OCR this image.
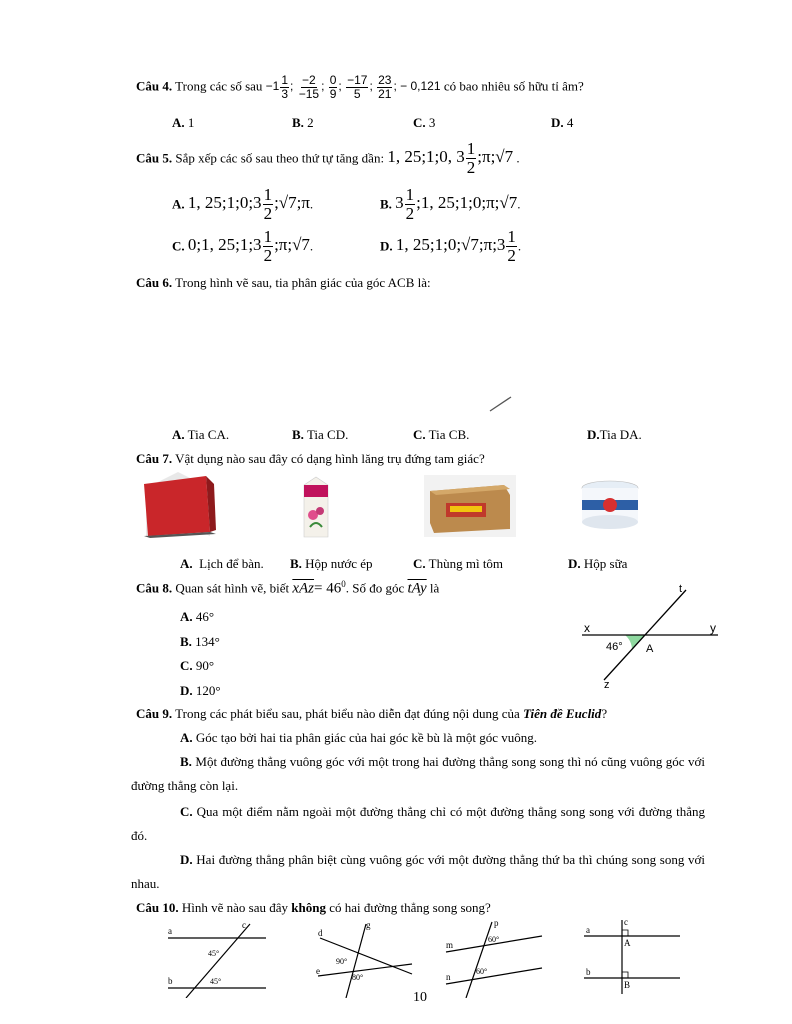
Câu 4. Trong các số sau $-1 \frac{1}{3}$ ; $\frac{-2}{-15}$ ; $\frac{0}{9}$ ; $\frac{-17}{5}$ ; $\frac{23}{21}$ ; − 0,121 có bao nhiêu số hữu tỉ âm?
A. 1	B. 2	C. 3	D. 4
Câu 5. Sắp xếp các số sau theo thứ tự tăng dần: 1, 25;1;0, $3 \frac{1}{2}$ ;π;√7 .
A. 1, 25;1;0;3 $\frac{1}{2}$ ;√7;π.	B. $3 \frac{1}{2}$ ;1, 25;1;0;π;√7.
C. 0;1, 25;1;3 $\frac{1}{2}$ ;π;√7.	D. 1, 25;1;0;√7;π;3 $\frac{1}{2}$ .
Câu 6. Trong hình vẽ sau, tia phân giác của góc ACB là:
A. Tia CA.	B. Tia CD.	C. Tia CB.	D.Tia DA.
Câu 7. Vật dụng nào sau đây có dạng hình lăng trụ đứng tam giác?
A. Lịch để bàn. B. Hộp nước ép	C. Thùng mì tôm	D. Hộp sữa
Câu 8. Quan sát hình vẽ, biết $\overline{xAz}= 46^0$. Số đo góc $\overline{tAy}$ là
A. 46°
B. 134°
C. 90°
D. 120°
x	y
t
z
A
46°
Câu 9. Trong các phát biểu sau, phát biểu nào diễn đạt đúng nội dung của Tiên đề Euclid?
A. Góc tạo bởi hai tia phân giác của hai góc kề bù là một góc vuông.
B. Một đường thẳng vuông góc với một trong hai đường thẳng song song thì nó cũng vuông góc với đường thẳng còn lại.
C. Qua một điểm nằm ngoài một đường thẳng chỉ có một đường thẳng song song với đường thẳng đó.
D. Hai đường thẳng phân biệt cùng vuông góc với một đường thẳng thứ ba thì chúng song song với nhau.
Câu 10. Hình vẽ nào sau đây không có hai đường thẳng song song?
a
b
c
45°
45°
d
e
g
90°
80°
m
n
p
60°
60°
a
b
c
A
B
10
